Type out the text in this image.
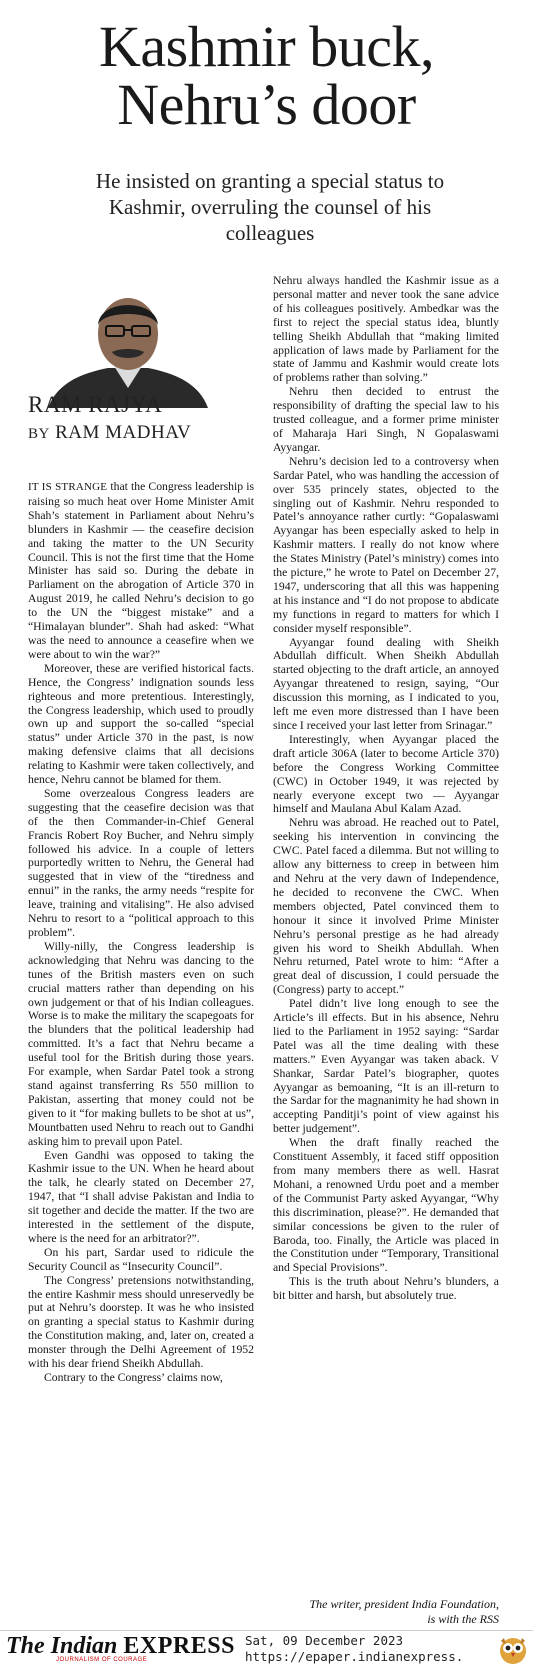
Kashmir buck,
Nehru’s door
He insisted on granting a special status to Kashmir, overruling the counsel of his colleagues
RAM RAJYA
BY RAM MADHAV

IT IS STRANGE that the Congress leadership is raising so much heat over Home Minister Amit Shah’s statement in Parliament about Nehru’s blunders in Kashmir — the ceasefire decision and taking the matter to the UN Security Council. This is not the first time that the Home Minister has said so. During the debate in Parliament on the abrogation of Article 370 in August 2019, he called Nehru’s decision to go to the UN the “biggest mistake” and a “Himalayan blunder”. Shah had asked: “What was the need to announce a ceasefire when we were about to win the war?”

Moreover, these are verified historical facts. Hence, the Congress’ indignation sounds less righteous and more pretentious. Interestingly, the Congress leadership, which used to proudly own up and support the so-called “special status” under Article 370 in the past, is now making defensive claims that all decisions relating to Kashmir were taken collectively, and hence, Nehru cannot be blamed for them.

Some overzealous Congress leaders are suggesting that the ceasefire decision was that of the then Commander-in-Chief General Francis Robert Roy Bucher, and Nehru simply followed his advice. In a couple of letters purportedly written to Nehru, the General had suggested that in view of the “tiredness and ennui” in the ranks, the army needs “respite for leave, training and vitalising”. He also advised Nehru to resort to a “political approach to this problem”.

Willy-nilly, the Congress leadership is acknowledging that Nehru was dancing to the tunes of the British masters even on such crucial matters rather than depending on his own judgement or that of his Indian colleagues. Worse is to make the military the scapegoats for the blunders that the political leadership had committed. It’s a fact that Nehru became a useful tool for the British during those years. For example, when Sardar Patel took a strong stand against transferring Rs 550 million to Pakistan, asserting that money could not be given to it “for making bullets to be shot at us”, Mountbatten used Nehru to reach out to Gandhi asking him to prevail upon Patel.

Even Gandhi was opposed to taking the Kashmir issue to the UN. When he heard about the talk, he clearly stated on December 27, 1947, that “I shall advise Pakistan and India to sit together and decide the matter. If the two are interested in the settlement of the dispute, where is the need for an arbitrator?”.

On his part, Sardar used to ridicule the Security Council as “Insecurity Council”.

The Congress’ pretensions notwithstanding, the entire Kashmir mess should unreservedly be put at Nehru’s doorstep. It was he who insisted on granting a special status to Kashmir during the Constitution making, and, later on, created a monster through the Delhi Agreement of 1952 with his dear friend Sheikh Abdullah.

Contrary to the Congress’ claims now,

Nehru always handled the Kashmir issue as a personal matter and never took the sane advice of his colleagues positively. Ambedkar was the first to reject the special status idea, bluntly telling Sheikh Abdullah that “making limited application of laws made by Parliament for the state of Jammu and Kashmir would create lots of problems rather than solving.”

Nehru then decided to entrust the responsibility of drafting the special law to his trusted colleague, and a former prime minister of Maharaja Hari Singh, N Gopalaswami Ayyangar.

Nehru’s decision led to a controversy when Sardar Patel, who was handling the accession of over 535 princely states, objected to the singling out of Kashmir. Nehru responded to Patel’s annoyance rather curtly: “Gopalaswami Ayyangar has been especially asked to help in Kashmir matters. I really do not know where the States Ministry (Patel’s ministry) comes into the picture,” he wrote to Patel on December 27, 1947, underscoring that all this was happening at his instance and “I do not propose to abdicate my functions in regard to matters for which I consider myself responsible”.

Ayyangar found dealing with Sheikh Abdullah difficult. When Sheikh Abdullah started objecting to the draft article, an annoyed Ayyangar threatened to resign, saying, “Our discussion this morning, as I indicated to you, left me even more distressed than I have been since I received your last letter from Srinagar.”

Interestingly, when Ayyangar placed the draft article 306A (later to become Article 370) before the Congress Working Committee (CWC) in October 1949, it was rejected by nearly everyone except two — Ayyangar himself and Maulana Abul Kalam Azad.

Nehru was abroad. He reached out to Patel, seeking his intervention in convincing the CWC. Patel faced a dilemma. But not willing to allow any bitterness to creep in between him and Nehru at the very dawn of Independence, he decided to reconvene the CWC. When members objected, Patel convinced them to honour it since it involved Prime Minister Nehru’s personal prestige as he had already given his word to Sheikh Abdullah. When Nehru returned, Patel wrote to him: “After a great deal of discussion, I could persuade the (Congress) party to accept.”

Patel didn’t live long enough to see the Article’s ill effects. But in his absence, Nehru lied to the Parliament in 1952 saying: “Sardar Patel was all the time dealing with these matters.” Even Ayyangar was taken aback. V Shankar, Sardar Patel’s biographer, quotes Ayyangar as bemoaning, “It is an ill-return to the Sardar for the magnanimity he had shown in accepting Panditji’s point of view against his better judgement”.

When the draft finally reached the Constituent Assembly, it faced stiff opposition from many members there as well. Hasrat Mohani, a renowned Urdu poet and a member of the Communist Party asked Ayyangar, “Why this discrimination, please?”. He demanded that similar concessions be given to the ruler of Baroda, too. Finally, the Article was placed in the Constitution under “Temporary, Transitional and Special Provisions”.

This is the truth about Nehru’s blunders, a bit bitter and harsh, but absolutely true.

The writer, president India Foundation,
is with the RSS
The Indian EXPRESS
JOURNALISM OF COURAGE
Sat, 09 December 2023
https://epaper.indianexpress.
